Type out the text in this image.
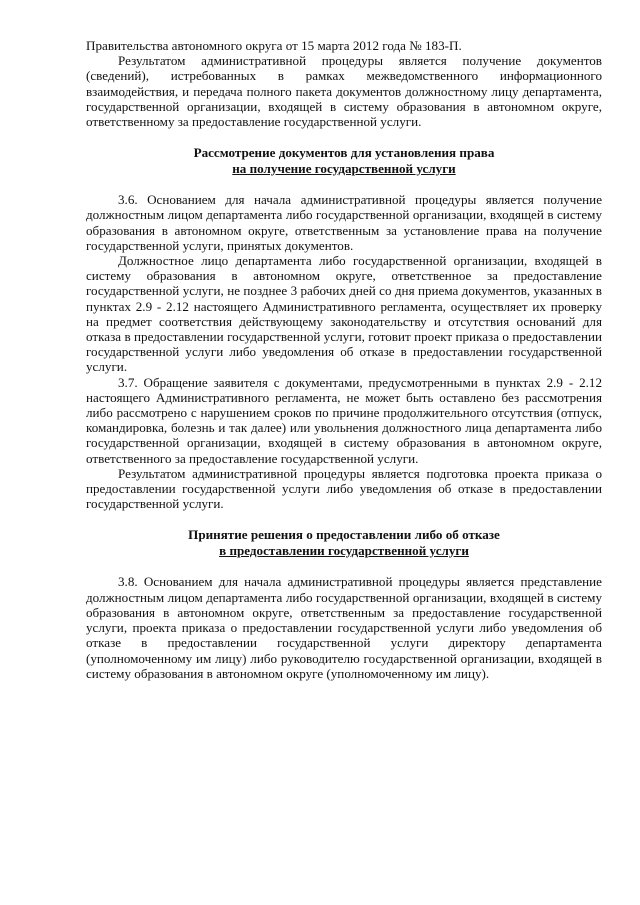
Правительства автономного округа от 15 марта 2012 года № 183-П.

Результатом административной процедуры является получение документов (сведений), истребованных в рамках межведомственного информационного взаимодействия, и передача полного пакета документов должностному лицу департамента, государственной организации, входящей в систему образования в автономном округе, ответственному за предоставление государственной услуги.

Рассмотрение документов для установления права
на получение государственной услуги

3.6. Основанием для начала административной процедуры является получение должностным лицом департамента либо государственной организации, входящей в систему образования в автономном округе, ответственным за установление права на получение государственной услуги, принятых документов.

Должностное лицо департамента либо государственной организации, входящей в систему образования в автономном округе, ответственное за предоставление государственной услуги, не позднее 3 рабочих дней со дня приема документов, указанных в пунктах 2.9 - 2.12 настоящего Административного регламента, осуществляет их проверку на предмет соответствия действующему законодательству и отсутствия оснований для отказа в предоставлении государственной услуги, готовит проект приказа о предоставлении государственной услуги либо уведомления об отказе в предоставлении государственной услуги.

3.7. Обращение заявителя с документами, предусмотренными в пунктах 2.9 - 2.12 настоящего Административного регламента, не может быть оставлено без рассмотрения либо рассмотрено с нарушением сроков по причине продолжительного отсутствия (отпуск, командировка, болезнь и так далее) или увольнения должностного лица департамента либо государственной организации, входящей в систему образования в автономном округе, ответственного за предоставление государственной услуги.

Результатом административной процедуры является подготовка проекта приказа о предоставлении государственной услуги либо уведомления об отказе в предоставлении государственной услуги.

Принятие решения о предоставлении либо об отказе
в предоставлении государственной услуги

3.8. Основанием для начала административной процедуры является представление должностным лицом департамента либо государственной организации, входящей в систему образования в автономном округе, ответственным за предоставление государственной услуги, проекта приказа о предоставлении государственной услуги либо уведомления об отказе в предоставлении государственной услуги директору департамента (уполномоченному им лицу) либо руководителю государственной организации, входящей в систему образования в автономном округе (уполномоченному им лицу).
